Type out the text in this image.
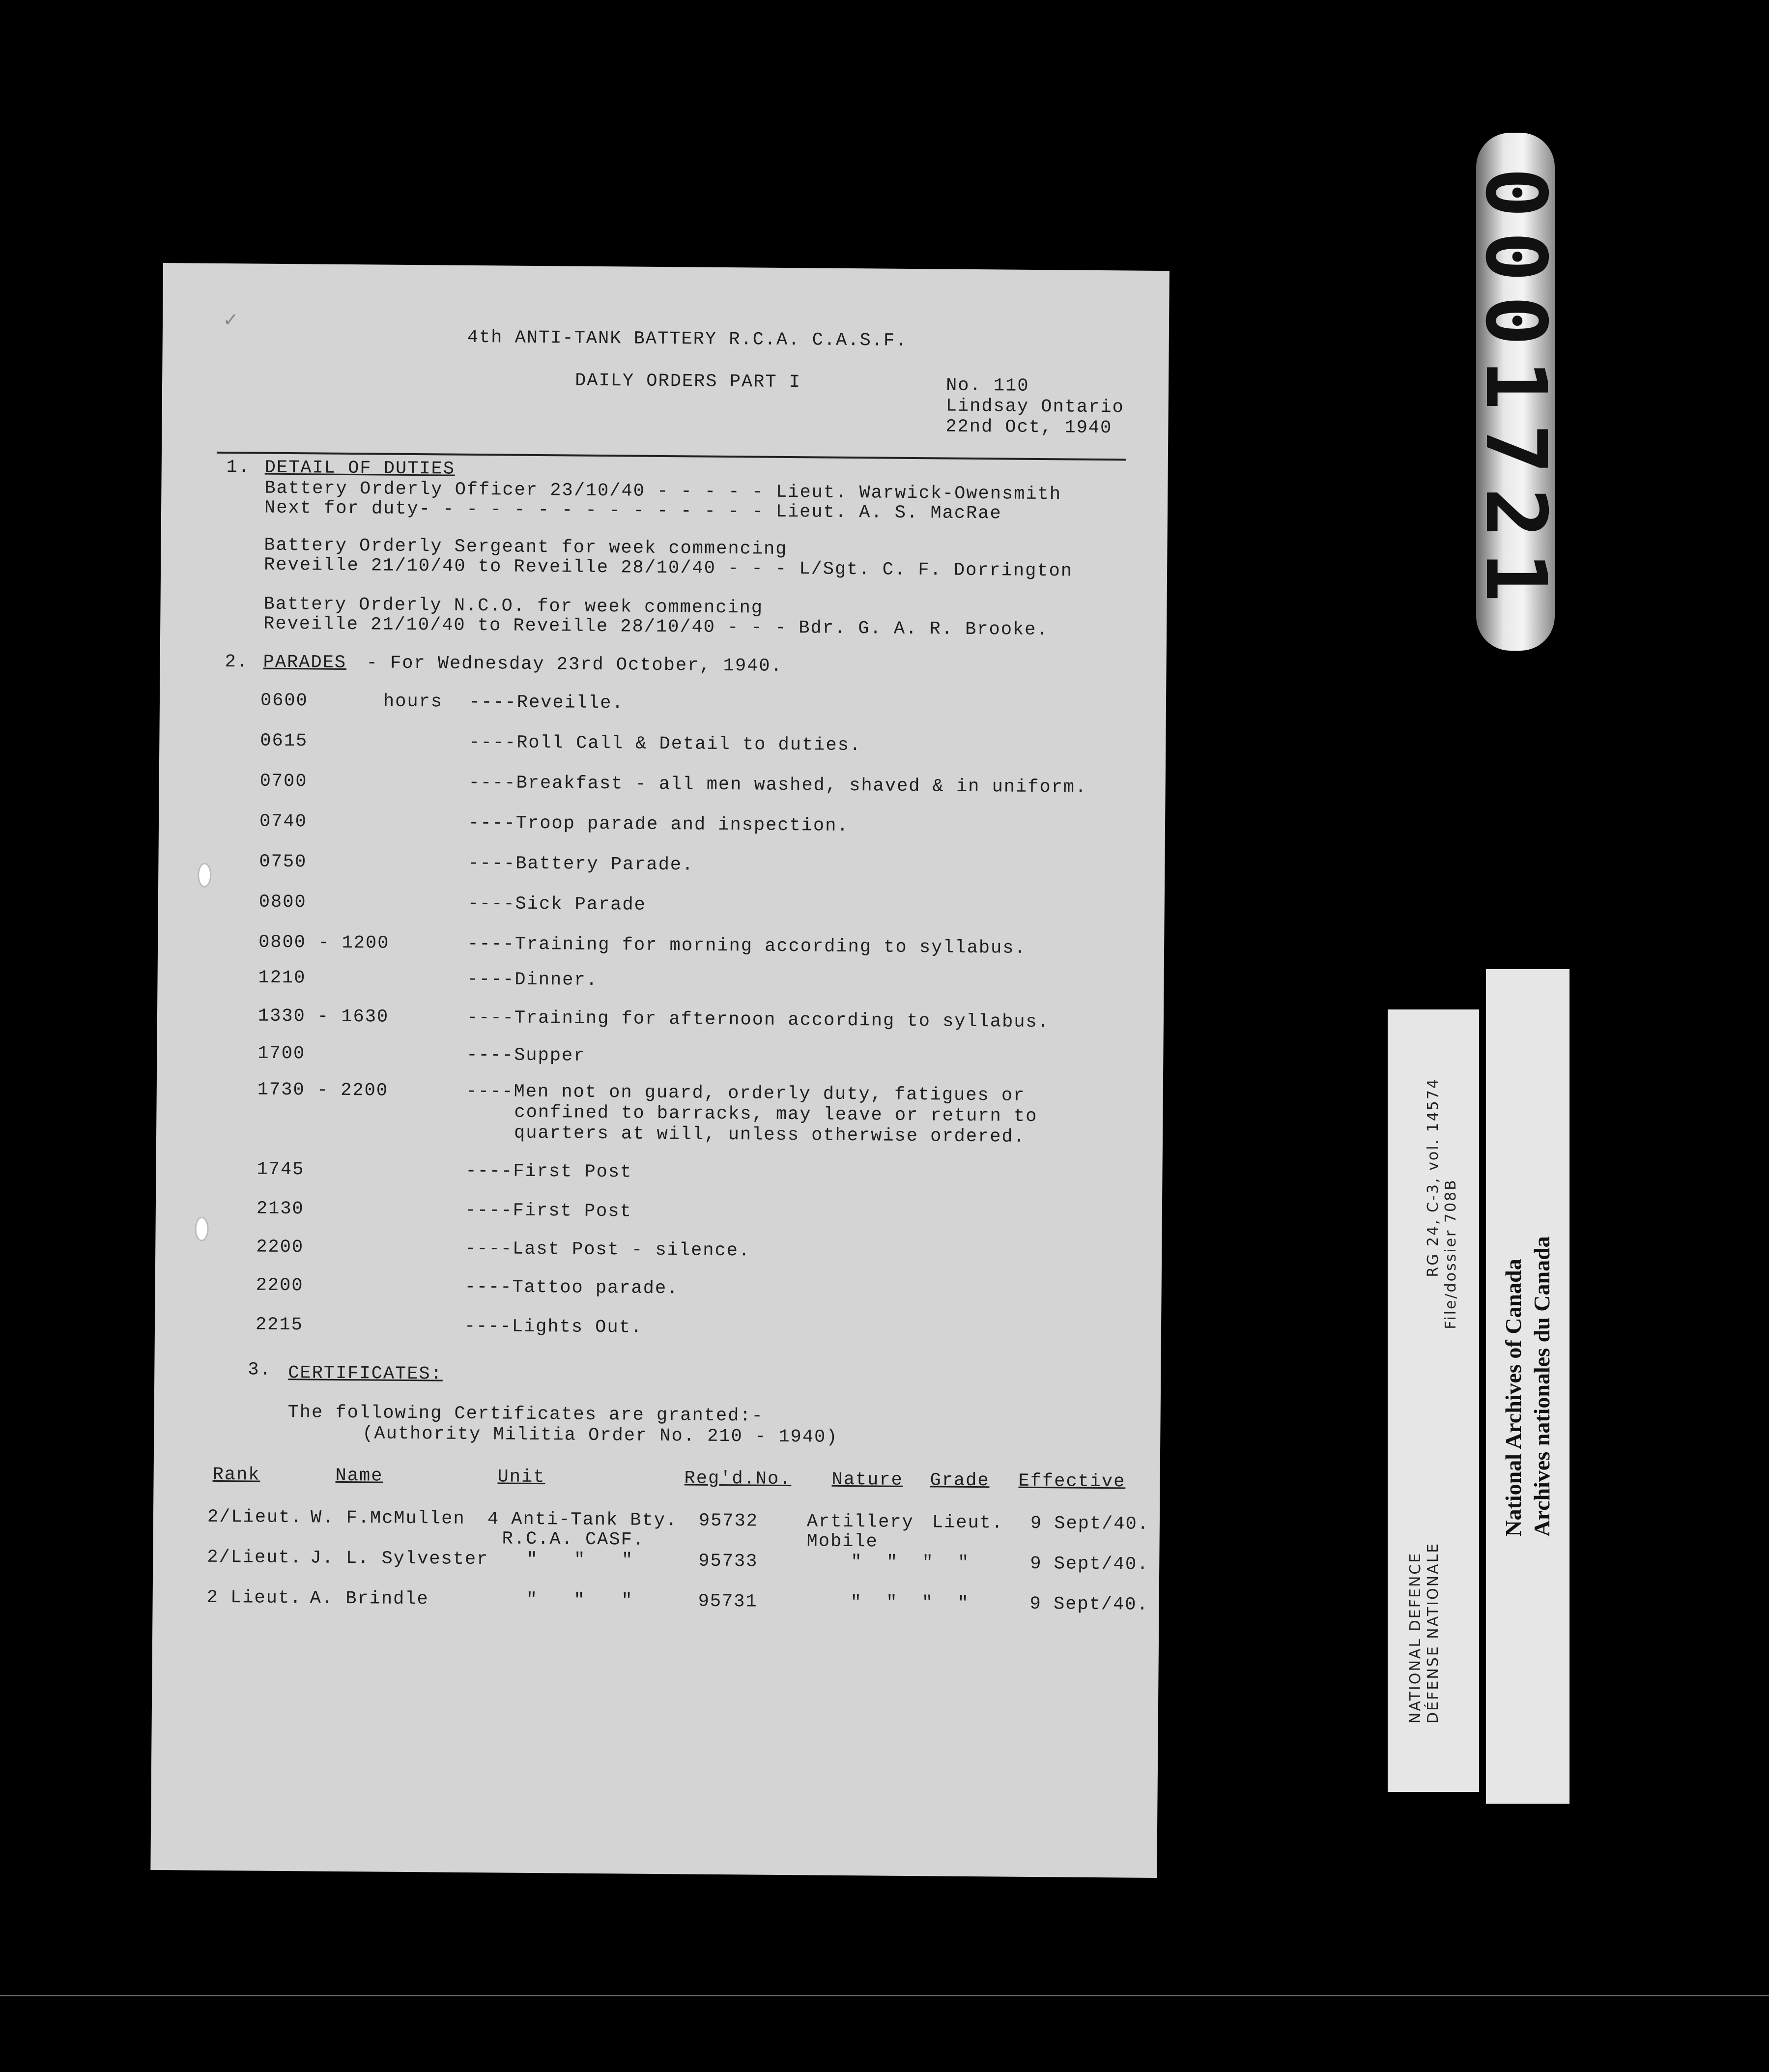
✓
4th ANTI-TANK BATTERY R.C.A. C.A.S.F.
DAILY ORDERS PART I	No. 110
Lindsay Ontario
22nd Oct, 1940
1. DETAIL OF DUTIES
Battery Orderly Officer 23/10/40 - - - - - Lieut. Warwick-Owensmith
Next for duty- - - - - - - - - - - - - - - Lieut. A. S. MacRae
Battery Orderly Sergeant for week commencing
Reveille 21/10/40 to Reveille 28/10/40 - - - L/Sgt. C. F. Dorrington
Battery Orderly N.C.O. for week commencing
Reveille 21/10/40 to Reveille 28/10/40 - - - Bdr. G. A. R. Brooke.
2. PARADES - For Wednesday 23rd October, 1940.
hours
0600	----Reveille.
0615	----Roll Call & Detail to duties.
0700	----Breakfast - all men washed, shaved & in uniform.
0740	----Troop parade and inspection.
0750	----Battery Parade.
0800	----Sick Parade
0800 - 1200	----Training for morning according to syllabus.
1210	----Dinner.
1330 - 1630	----Training for afternoon according to syllabus.
1700	----Supper
1730 - 2200	----Men not on guard, orderly duty, fatigues or
confined to barracks, may leave or return to
quarters at will, unless otherwise ordered.
1745	----First Post
2130	----First Post
2200	----Last Post - silence.
2200	----Tattoo parade.
2215	----Lights Out.
3. CERTIFICATES:
The following Certificates are granted:-
(Authority Militia Order No. 210 - 1940)
Rank	Name	Unit	Reg'd.No. Nature Grade Effective
2/Lieut. W. F.McMullen 4 Anti-Tank Bty.
R.C.A. CASF.
95732	Artillery
Mobile
Lieut. 9 Sept/40.
2/Lieut. J. L. Sylvester "   "   "	95733	"  "  "  "	9 Sept/40.
2 Lieut. A. Brindle	"   "   "	95731	"  "  "  "	9 Sept/40.
0001721
NATIONAL DEFENCE
DÉFENSE NATIONALE                                           RG 24, C-3, vol. 14574
File/dossier 708B
National Archives of Canada Archives nationales du Canada
